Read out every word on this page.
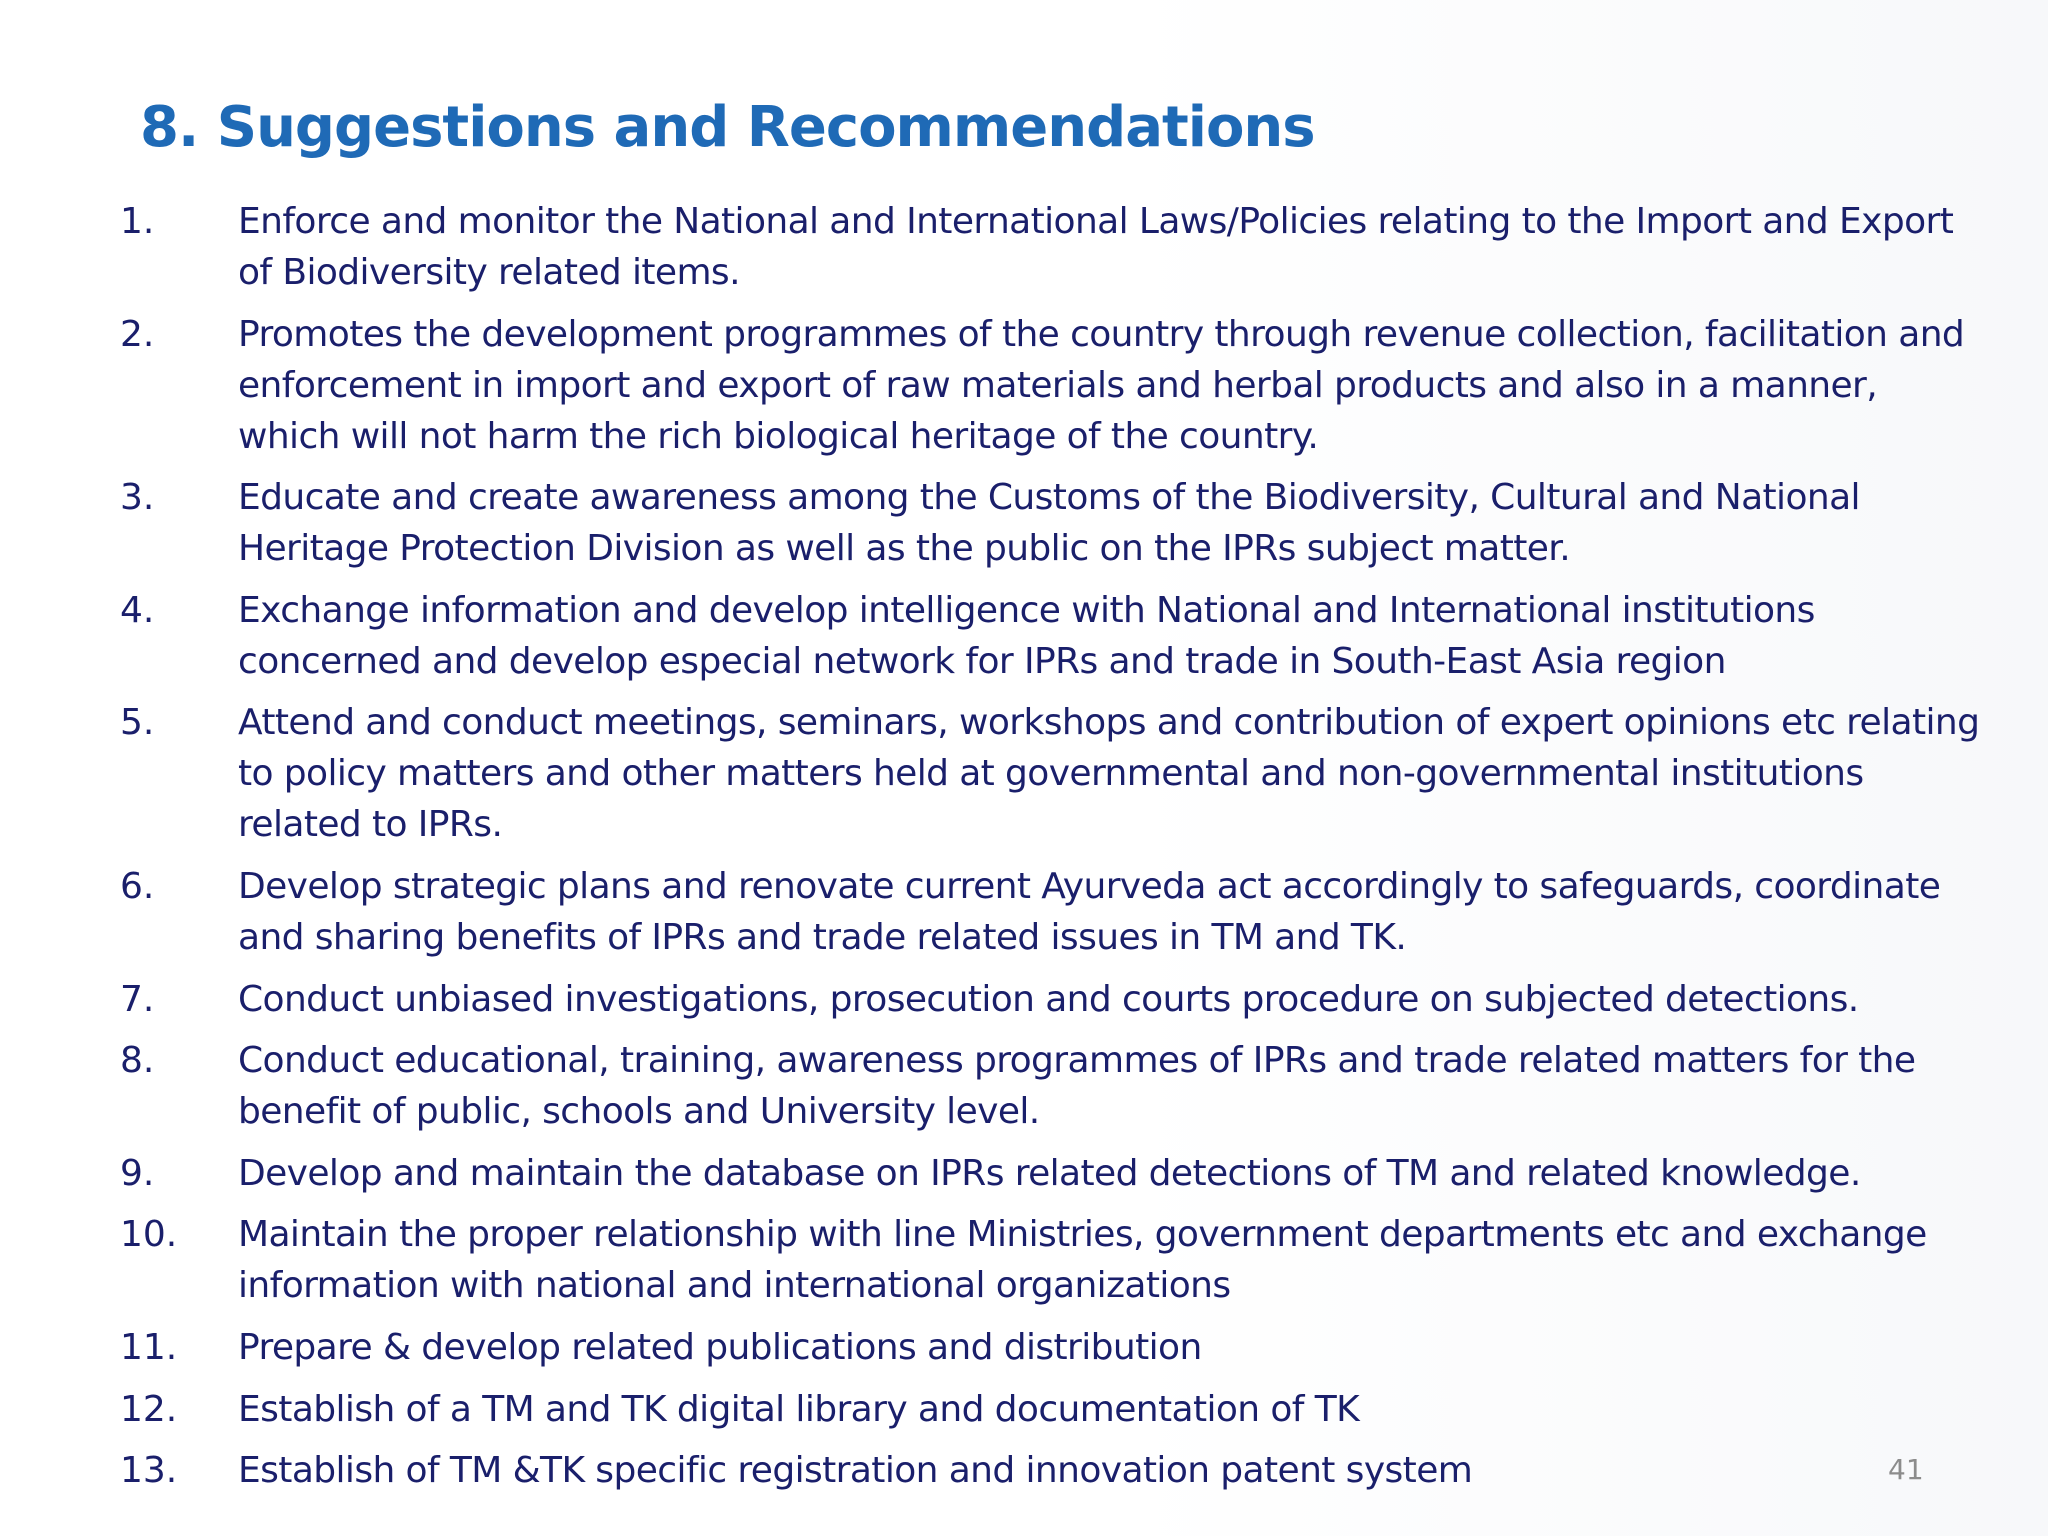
8. Suggestions and Recommendations
1.	Enforce and monitor the National and International Laws/Policies relating to the Import and Export of Biodiversity related items.
2.	Promotes the development programmes of the country through revenue collection, facilitation and enforcement in import and export of raw materials and herbal products and also in a manner, which will not harm the rich biological heritage of the country.
3.	Educate and create awareness among the Customs of the Biodiversity, Cultural and National Heritage Protection Division as well as the public on the IPRs subject matter.
4.	Exchange information and develop intelligence with National and International institutions concerned and develop especial network for IPRs and trade in South-East Asia region
5.	Attend and conduct meetings, seminars, workshops and contribution of expert opinions etc relating to policy matters and other matters held at governmental and non-governmental institutions related to IPRs.
6.	Develop strategic plans and renovate current Ayurveda act accordingly to safeguards, coordinate and sharing benefits of IPRs and trade related issues in TM and TK.
7.	Conduct unbiased investigations, prosecution and courts procedure on subjected detections.
8.	Conduct educational, training, awareness programmes of IPRs and trade related matters for the benefit of public, schools and University level.
9.	Develop and maintain the database on IPRs related detections of TM and related knowledge.
10.	Maintain the proper relationship with line Ministries, government departments etc and exchange information with national and international organizations
11.	Prepare & develop related publications and distribution
12.	Establish of a TM and TK digital library and documentation of TK
13.	Establish of TM &TK specific registration and innovation patent system	41
